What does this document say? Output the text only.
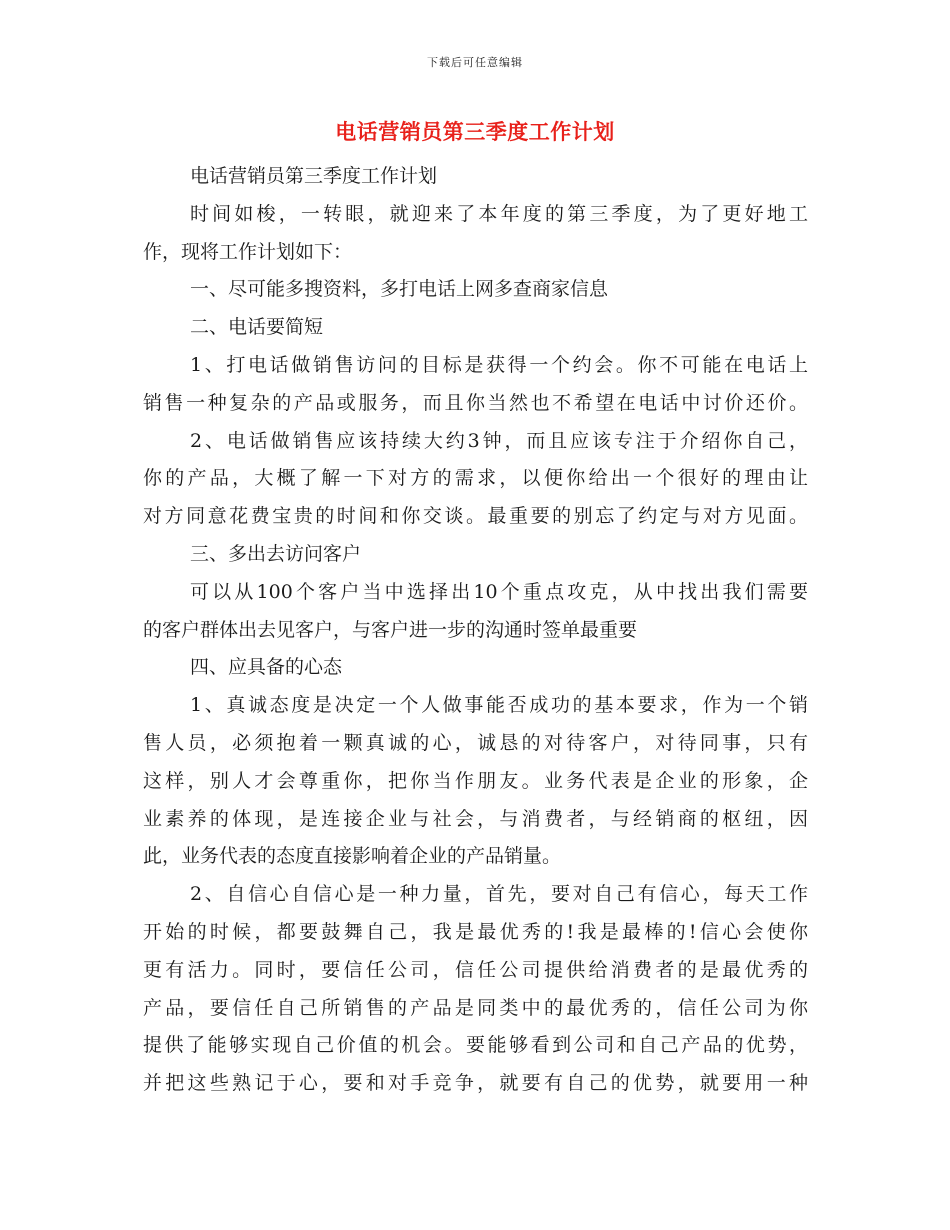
下载后可任意编辑
电话营销员第三季度工作计划
电话营销员第三季度工作计划
时间如梭，一转眼，就迎来了本年度的第三季度，为了更好地工
作，现将工作计划如下：
一、尽可能多搜资料，多打电话上网多查商家信息
二、电话要简短
1、打电话做销售访问的目标是获得一个约会。你不可能在电话上
销售一种复杂的产品或服务，而且你当然也不希望在电话中讨价还价。
2、电话做销售应该持续大约3钟，而且应该专注于介绍你自己，
你的产品，大概了解一下对方的需求，以便你给出一个很好的理由让
对方同意花费宝贵的时间和你交谈。最重要的别忘了约定与对方见面。
三、多出去访问客户
可以从100个客户当中选择出10个重点攻克，从中找出我们需要
的客户群体出去见客户，与客户进一步的沟通时签单最重要
四、应具备的心态
1、真诚态度是决定一个人做事能否成功的基本要求，作为一个销
售人员，必须抱着一颗真诚的心，诚恳的对待客户，对待同事，只有
这样，别人才会尊重你，把你当作朋友。业务代表是企业的形象，企
业素养的体现，是连接企业与社会，与消费者，与经销商的枢纽，因
此，业务代表的态度直接影响着企业的产品销量。
2、自信心自信心是一种力量，首先，要对自己有信心，每天工作
开始的时候，都要鼓舞自己，我是最优秀的!我是最棒的!信心会使你
更有活力。同时，要信任公司，信任公司提供给消费者的是最优秀的
产品，要信任自己所销售的产品是同类中的最优秀的，信任公司为你
提供了能够实现自己价值的机会。要能够看到公司和自己产品的优势，
并把这些熟记于心，要和对手竞争，就要有自己的优势，就要用一种
